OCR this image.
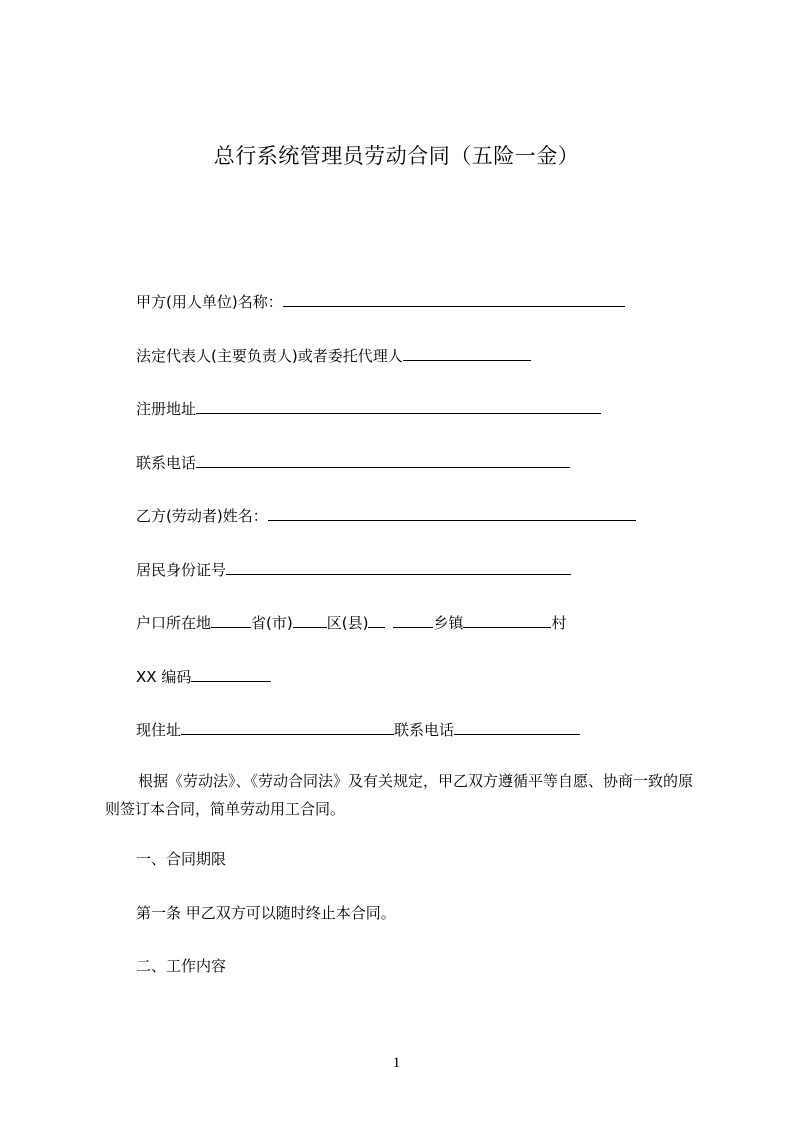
总行系统管理员劳动合同（五险一金）
甲方(用人单位)名称：
法定代表人(主要负责人)或者委托代理人
注册地址
联系电话
乙方(劳动者)姓名：
居民身份证号
户口所在地	省(市) 区(县)	乡镇	村
XX 编码
现住址	联系电话
根据《劳动法》、《劳动合同法》及有关规定，甲乙双方遵循平等自愿、协商一致的原则签订本合同，简单劳动用工合同。
一、合同期限
第一条 甲乙双方可以随时终止本合同。
二、工作内容
1
